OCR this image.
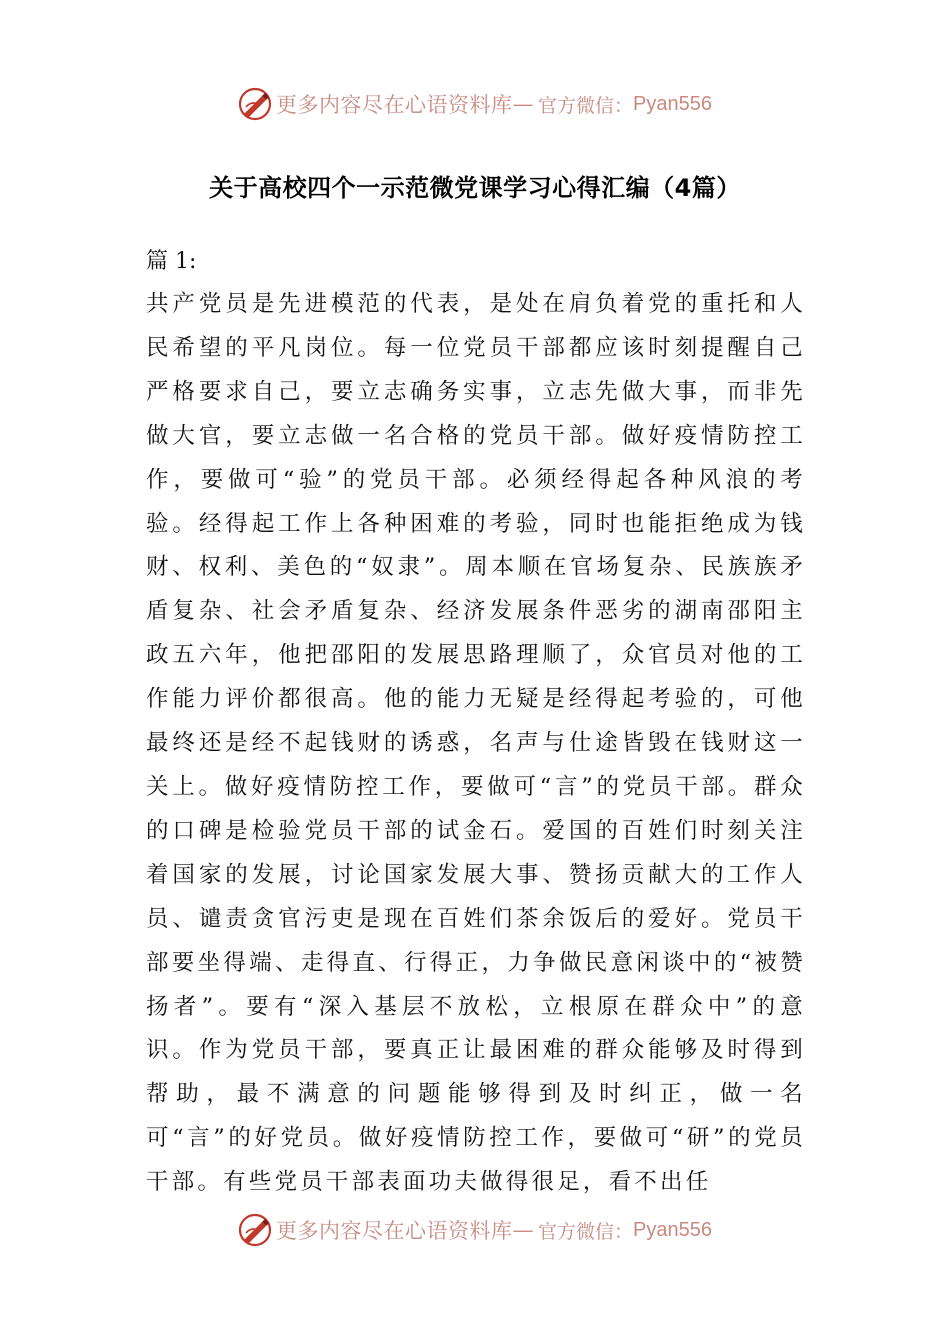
更多内容尽在心语资料库 — 官方微信： Pyan556
关于高校四个一示范微党课学习心得汇编（4篇）
篇 1:

共产党员是先进模范的代表，是处在肩负着党的重托和人民希望的平凡岗位。每一位党员干部都应该时刻提醒自己严格要求自己，要立志确务实事，立志先做大事，而非先做大官，要立志做一名合格的党员干部。做好疫情防控工作，要做可“验”的党员干部。必须经得起各种风浪的考验。经得起工作上各种困难的考验，同时也能拒绝成为钱财、权利、美色的“奴隶”。周本顺在官场复杂、民族族矛盾复杂、社会矛盾复杂、经济发展条件恶劣的湖南邵阳主政五六年，他把邵阳的发展思路理顺了，众官员对他的工作能力评价都很高。他的能力无疑是经得起考验的，可他最终还是经不起钱财的诱惑，名声与仕途皆毁在钱财这一关上。做好疫情防控工作，要做可“言”的党员干部。群众的口碑是检验党员干部的试金石。爱国的百姓们时刻关注着国家的发展，讨论国家发展大事、赞扬贡献大的工作人员、谴责贪官污吏是现在百姓们茶余饭后的爱好。党员干部要坐得端、走得直、行得正，力争做民意闲谈中的“被赞扬者”。要有“深入基层不放松，立根原在群众中”的意识。作为党员干部，要真正让最困难的群众能够及时得到帮助，最不满意的问题能够得到及时纠正，做一名可“言”的好党员。做好疫情防控工作，要做可“研”的党员干部。有些党员干部表面功夫做得很足，看不出任

更多内容尽在心语资料库 — 官方微信： Pyan556
